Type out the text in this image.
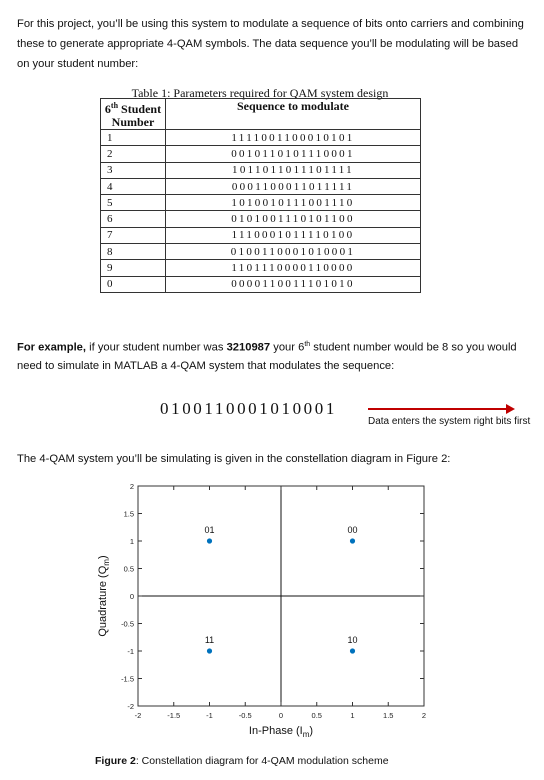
For this project, you’ll be using this system to modulate a sequence of bits onto carriers and combining these to generate appropriate 4-QAM symbols. The data sequence you’ll be modulating will be based on your student number:
Table 1: Parameters required for QAM system design
6th Student
Number	Sequence to modulate
1	1111001100010101
2	0010110101110001
3	1011011011101111
4	0001100011011111
5	1010010111001110
6	0101001110101100
7	1110001011110100
8	0100110001010001
9	1101110000110000
0	0000110011101010
For example, if your student number was 3210987 your 6th student number would be 8 so you would need to simulate in MATLAB a 4-QAM system that modulates the sequence:
0100110001010001
Data enters the system right bits first
The 4-QAM system you’ll be simulating is given in the constellation diagram in Figure 2:
-2	-1.5	-1	-0.5	0	0.5	1	1.5	2
-2
-1.5
-1
-0.5
0
0.5
1
1.5
2
01	00
11	10
In-Phase $(I_m)$
Quadrature $(Q_m)$
Figure 2: Constellation diagram for 4-QAM modulation scheme
